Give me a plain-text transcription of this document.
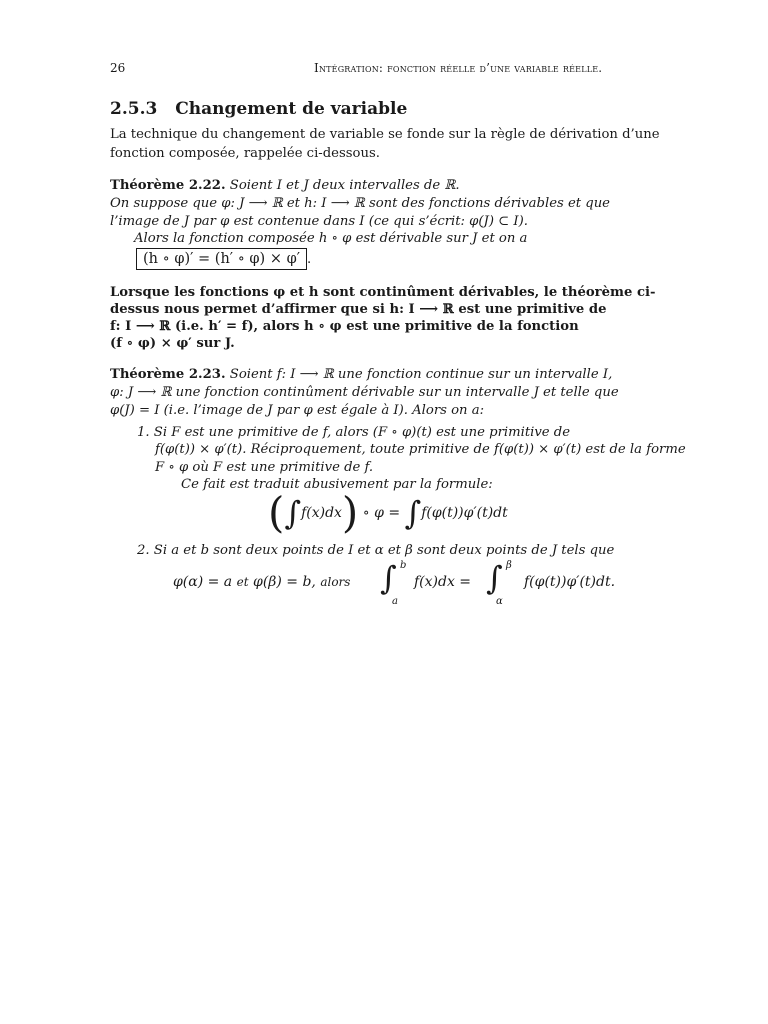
26	Intégration: fonction réelle d’une variable réelle.
2.5.3 Changement de variable
La technique du changement de variable se fonde sur la règle de dérivation d’une
fonction composée, rappelée ci-dessous.
Théorème 2.22. Soient I et J deux intervalles de ℝ.
On suppose que φ: J ⟶ ℝ et h: I ⟶ ℝ sont des fonctions dérivables et que
l’image de J par φ est contenue dans I (ce qui s’écrit: φ(J) ⊂ I).
Alors la fonction composée h ∘ φ est dérivable sur J et on a
(h ∘ φ)′ = (h′ ∘ φ) × φ′ .
Lorsque les fonctions φ et h sont continûment dérivables, le théorème ci-
dessus nous permet d’affirmer que si h: I ⟶ ℝ est une primitive de
f: I ⟶ ℝ (i.e. h′ = f), alors h ∘ φ est une primitive de la fonction
(f ∘ φ) × φ′ sur J.
Théorème 2.23. Soient f: I ⟶ ℝ une fonction continue sur un intervalle I,
φ: J ⟶ ℝ une fonction continûment dérivable sur un intervalle J et telle que
φ(J) = I (i.e. l’image de J par φ est égale à I). Alors on a:
1. Si F est une primitive de f, alors (F ∘ φ)(t) est une primitive de
f(φ(t)) × φ′(t). Réciproquement, toute primitive de f(φ(t)) × φ′(t) est de la forme
F ∘ φ où F est une primitive de f.
Ce fait est traduit abusivement par la formule:
(∫f(x)dx) ∘ φ = ∫f(φ(t))φ′(t)dt
2. Si a et b sont deux points de I et α et β sont deux points de J tels que
φ(α) = a et φ(β) = b, alors ∫ b
a
f(x)dx = ∫ β
α
f(φ(t))φ′(t)dt.
